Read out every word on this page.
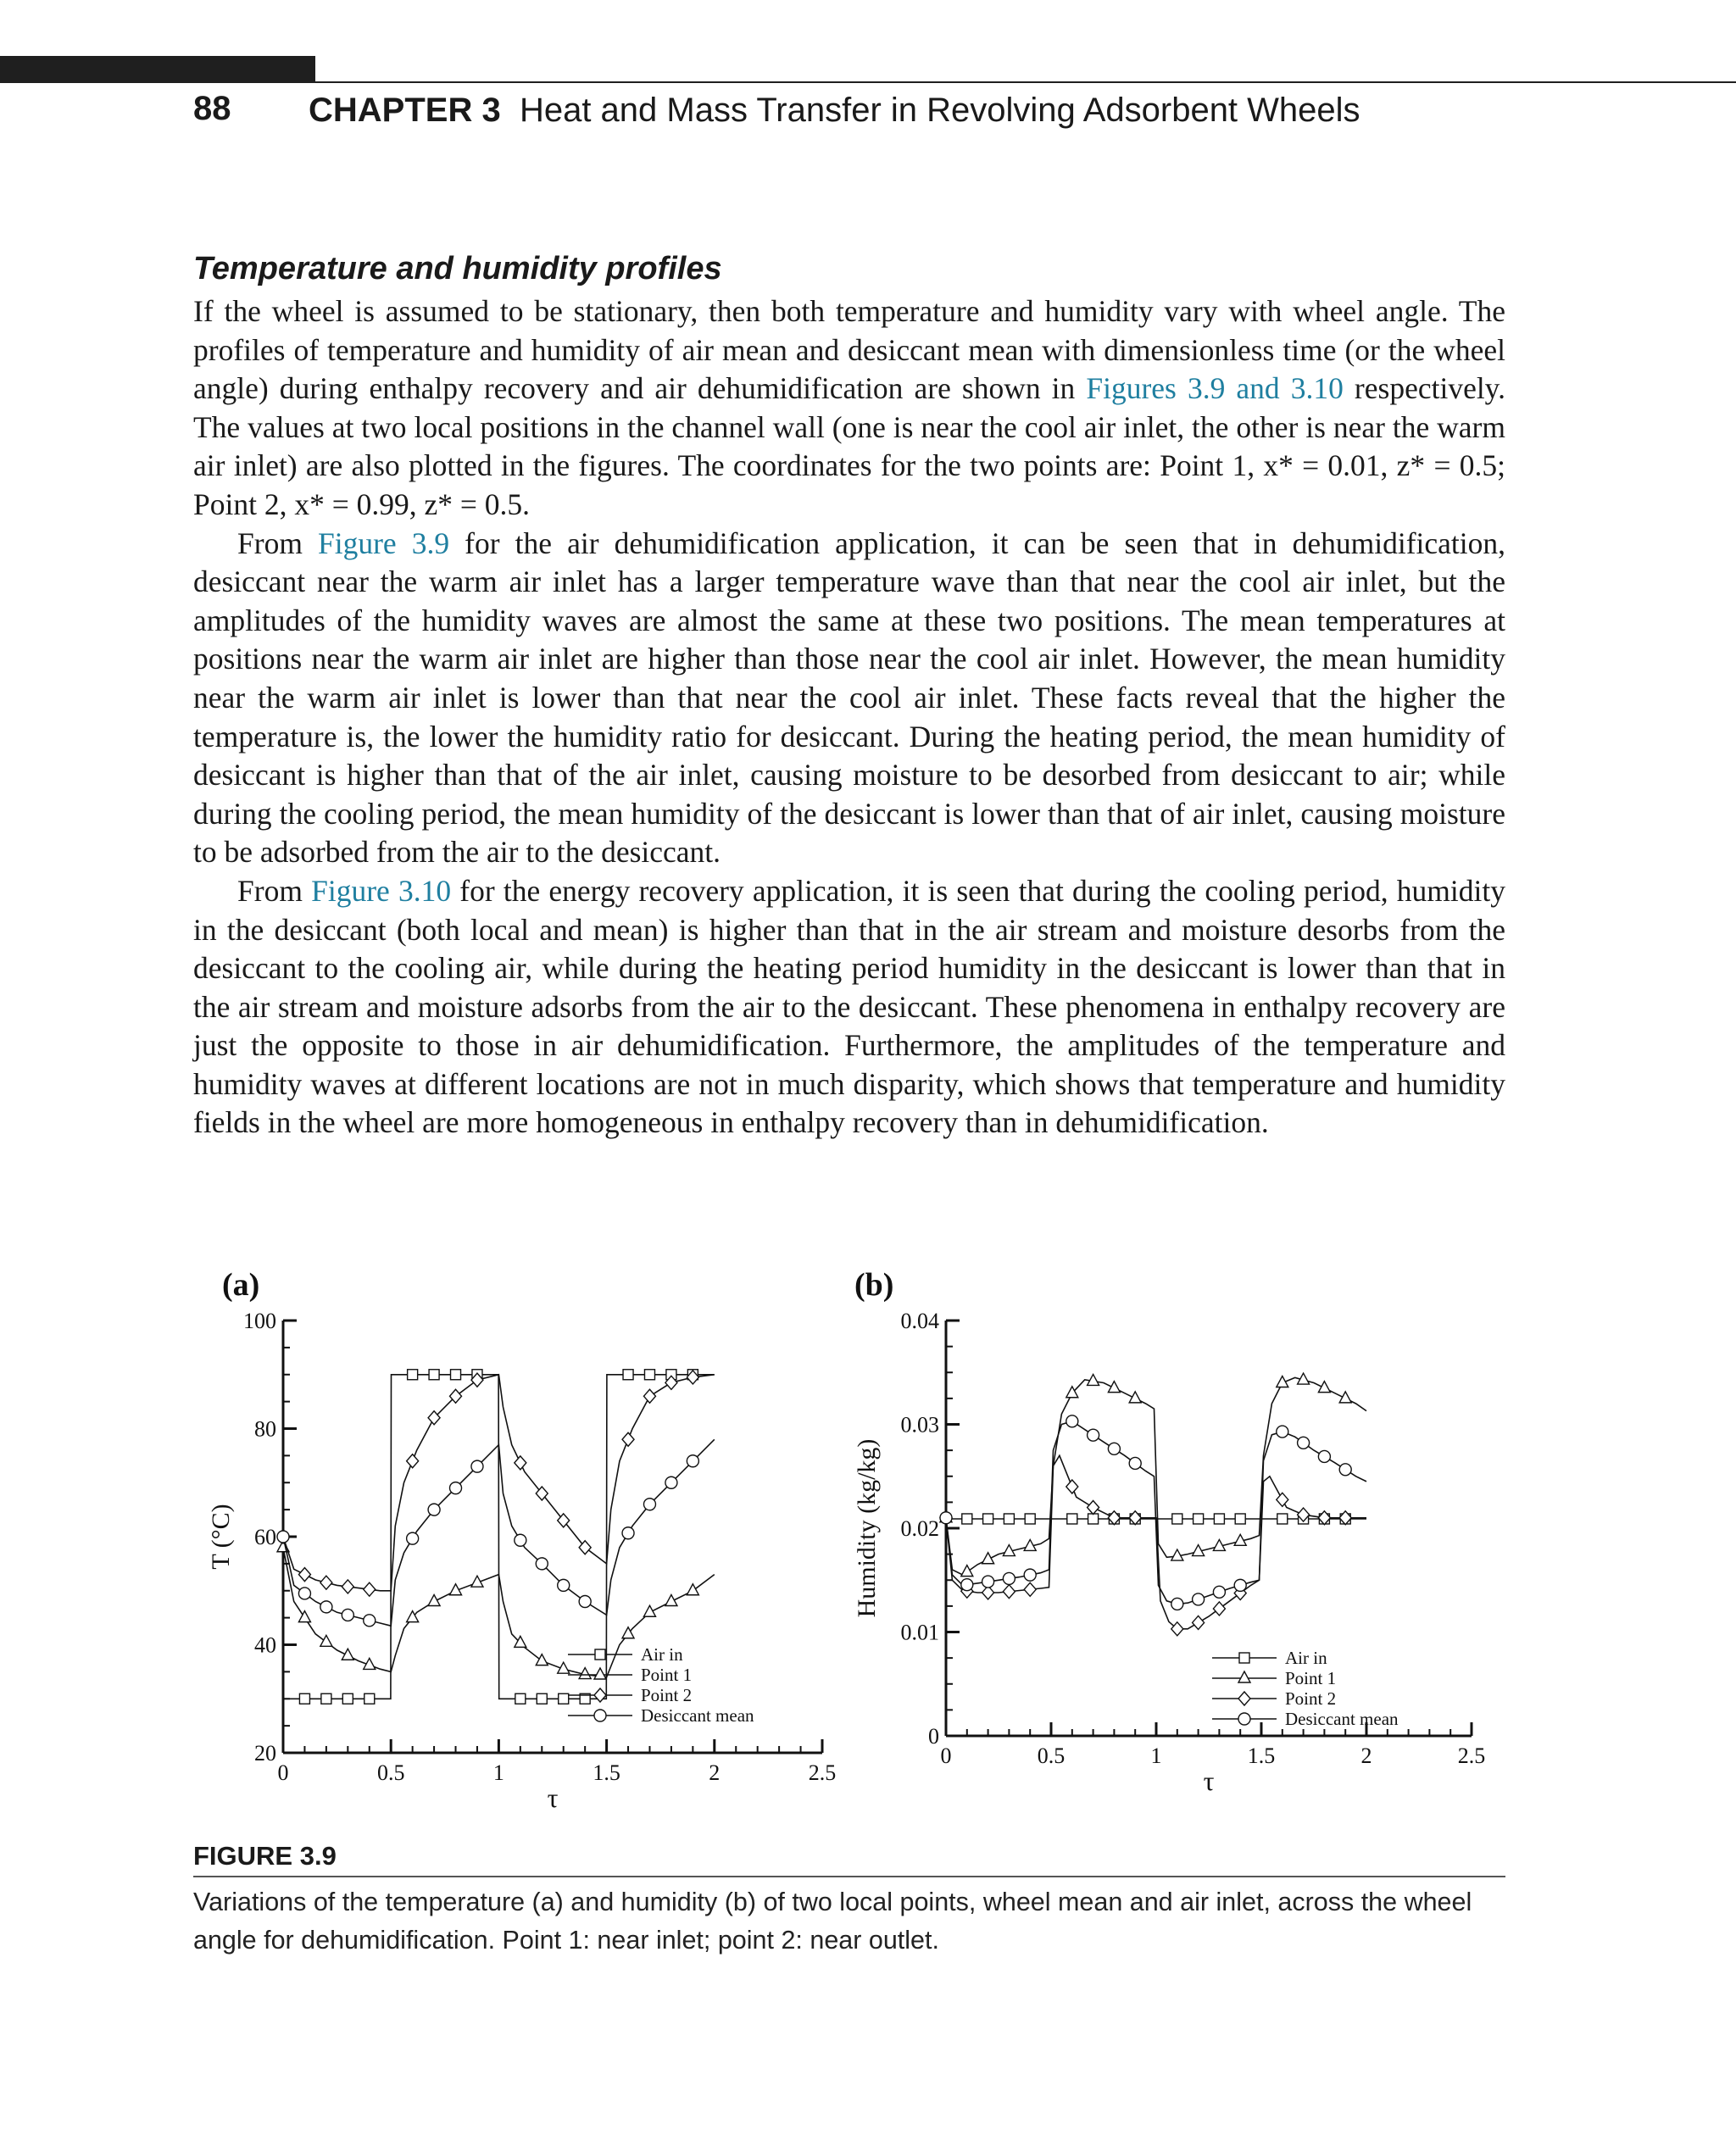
88 CHAPTER 3 Heat and Mass Transfer in Revolving Adsorbent Wheels
Temperature and humidity profiles

If the wheel is assumed to be stationary, then both temperature and humidity vary with wheel angle. The profiles of temperature and humidity of air mean and desiccant mean with dimensionless time (or the wheel angle) during enthalpy recovery and air dehumidification are shown in Figures 3.9 and 3.10 respectively. The values at two local positions in the channel wall (one is near the cool air inlet, the other is near the warm air inlet) are also plotted in the figures. The coordinates for the two points are: Point 1, x* = 0.01, z* = 0.5; Point 2, x* = 0.99, z* = 0.5.

From Figure 3.9 for the air dehumidification application, it can be seen that in dehumidification, desiccant near the warm air inlet has a larger temperature wave than that near the cool air inlet, but the amplitudes of the humidity waves are almost the same at these two positions. The mean temperatures at positions near the warm air inlet are higher than those near the cool air inlet. However, the mean humidity near the warm air inlet is lower than that near the cool air inlet. These facts reveal that the higher the temperature is, the lower the humidity ratio for desiccant. During the heating period, the mean humidity of desiccant is higher than that of the air inlet, causing moisture to be desorbed from desiccant to air; while during the cooling period, the mean humidity of the desiccant is lower than that of air inlet, causing moisture to be adsorbed from the air to the desiccant.

From Figure 3.10 for the energy recovery application, it is seen that during the cooling period, humidity in the desiccant (both local and mean) is higher than that in the air stream and moisture desorbs from the desiccant to the cooling air, while during the heating period humidity in the desiccant is lower than that in the air stream and moisture adsorbs from the air to the desiccant. These phenomena in enthalpy recovery are just the opposite to those in air dehumidification. Furthermore, the amplitudes of the temperature and humidity waves at different locations are not in much disparity, which shows that temperature and humidity fields in the wheel are more homogeneous in enthalpy recovery than in dehumidification.

(a)
0	0.5	1	1.5	2	2.5
20
40
60
80
100
τ
T (°C)
Air in
Point 1
Point 2
Desiccant mean
(b)
0	0.5	1	1.5	2	2.5
0
0.01
0.02
0.03
0.04
τ
Humidity (kg/kg)
Air in
Point 1
Point 2
Desiccant mean
FIGURE 3.9
Variations of the temperature (a) and humidity (b) of two local points, wheel mean and air inlet, across the wheel angle for dehumidification. Point 1: near inlet; point 2: near outlet.
